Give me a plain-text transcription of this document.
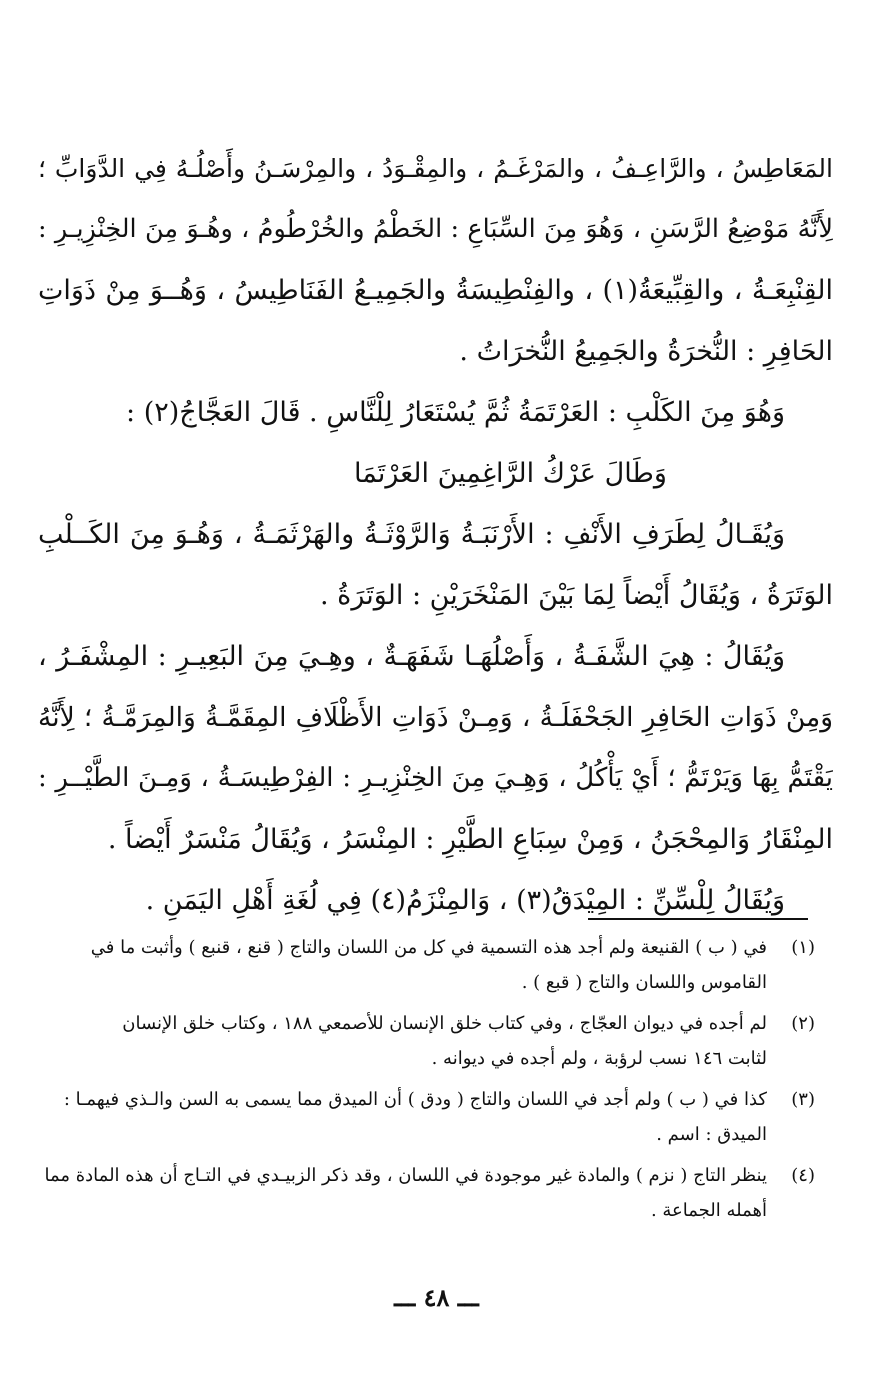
المَعَاطِسُ ، والرَّاعِـفُ ، والمَرْغَـمُ ، والمِقْـوَدُ ، والمِرْسَـنُ وأَصْلُـهُ فِي الدَّوَابِّ ؛
لِأَنَّهُ مَوْضِعُ الرَّسَنِ ، وَهُوَ مِنَ السِّبَاعِ : الخَطْمُ والخُرْطُومُ ، وهُـوَ مِنَ الخِنْزِيـرِ :
القِنْبِعَـةُ ، والقِبِّيعَةُ(١) ، والفِنْطِيسَةُ والجَمِيـعُ الفَنَاطِيسُ ، وَهُــوَ مِنْ ذَوَاتِ
الحَافِرِ : النُّخرَةُ والجَمِيعُ النُّخرَاتُ .
وَهُوَ مِنَ الكَلْبِ : العَرْتَمَةُ ثُمَّ يُسْتَعَارُ لِلْنَّاسِ . قَالَ العَجَّاجُ(٢) :
وَطَالَ عَرْكُ الرَّاغِمِينَ العَرْتَمَا
وَيُقَـالُ لِطَرَفِ الأَنْفِ : الأَرْنَبَـةُ وَالرَّوْثَـةُ والهَرْثَمَـةُ ، وَهُـوَ مِنَ الكَــلْبِ
الوَتَرَةُ ، وَيُقَالُ أَيْضاً لِمَا بَيْنَ المَنْخَرَيْنِ : الوَتَرَةُ .
وَيُقَالُ : هِيَ الشَّفَـةُ ، وَأَصْلُهَـا شَفَهَـةٌ ، وهِـيَ مِنَ البَعِيـرِ : المِشْفَـرُ ،
وَمِنْ ذَوَاتِ الحَافِرِ الجَحْفَلَـةُ ، وَمِـنْ ذَوَاتِ الأَظْلَافِ المِقَمَّـةُ وَالمِرَمَّـةُ ؛ لِأَنَّهُ
يَقْتَمُّ بِهَا وَيَرْتَمُّ ؛ أَيْ يَأْكُلُ ، وَهِـيَ مِنَ الخِنْزِيـرِ : الفِرْطِيسَـةُ ، وَمِـنَ الطَّيْــرِ :
المِنْقَارُ وَالمِحْجَنُ ، وَمِنْ سِبَاعِ الطَّيْرِ : المِنْسَرُ ، وَيُقَالُ مَنْسَرٌ أَيْضاً .
وَيُقَالُ لِلْسِّنِّ : المِيْدَقُ(٣) ، وَالمِنْزَمُ(٤) فِي لُغَةِ أَهْلِ اليَمَنِ .
(١)
في ( ب ) القنيعة ولم أجد هذه التسمية في كل من اللسان والتاج ( قنع ، قنبع ) وأثبت ما في
القاموس واللسان والتاج ( قبع ) .
(٢)
لم أجده في ديوان العجّاج ، وفي كتاب خلق الإنسان للأصمعي ١٨٨ ، وكتاب خلق الإنسان
لثابت ١٤٦ نسب لرؤبة ، ولم أجده في ديوانه .
(٣)
كذا في ( ب ) ولم أجد في اللسان والتاج ( ودق ) أن الميدق مما يسمى به السن والـذي فيهمـا :
الميدق : اسم .
(٤)
ينظر التاج ( نزم ) والمادة غير موجودة في اللسان ، وقد ذكر الزبيـدي في التـاج أن هذه المادة مما
أهمله الجماعة .
ـــ ٤٨ ـــ
